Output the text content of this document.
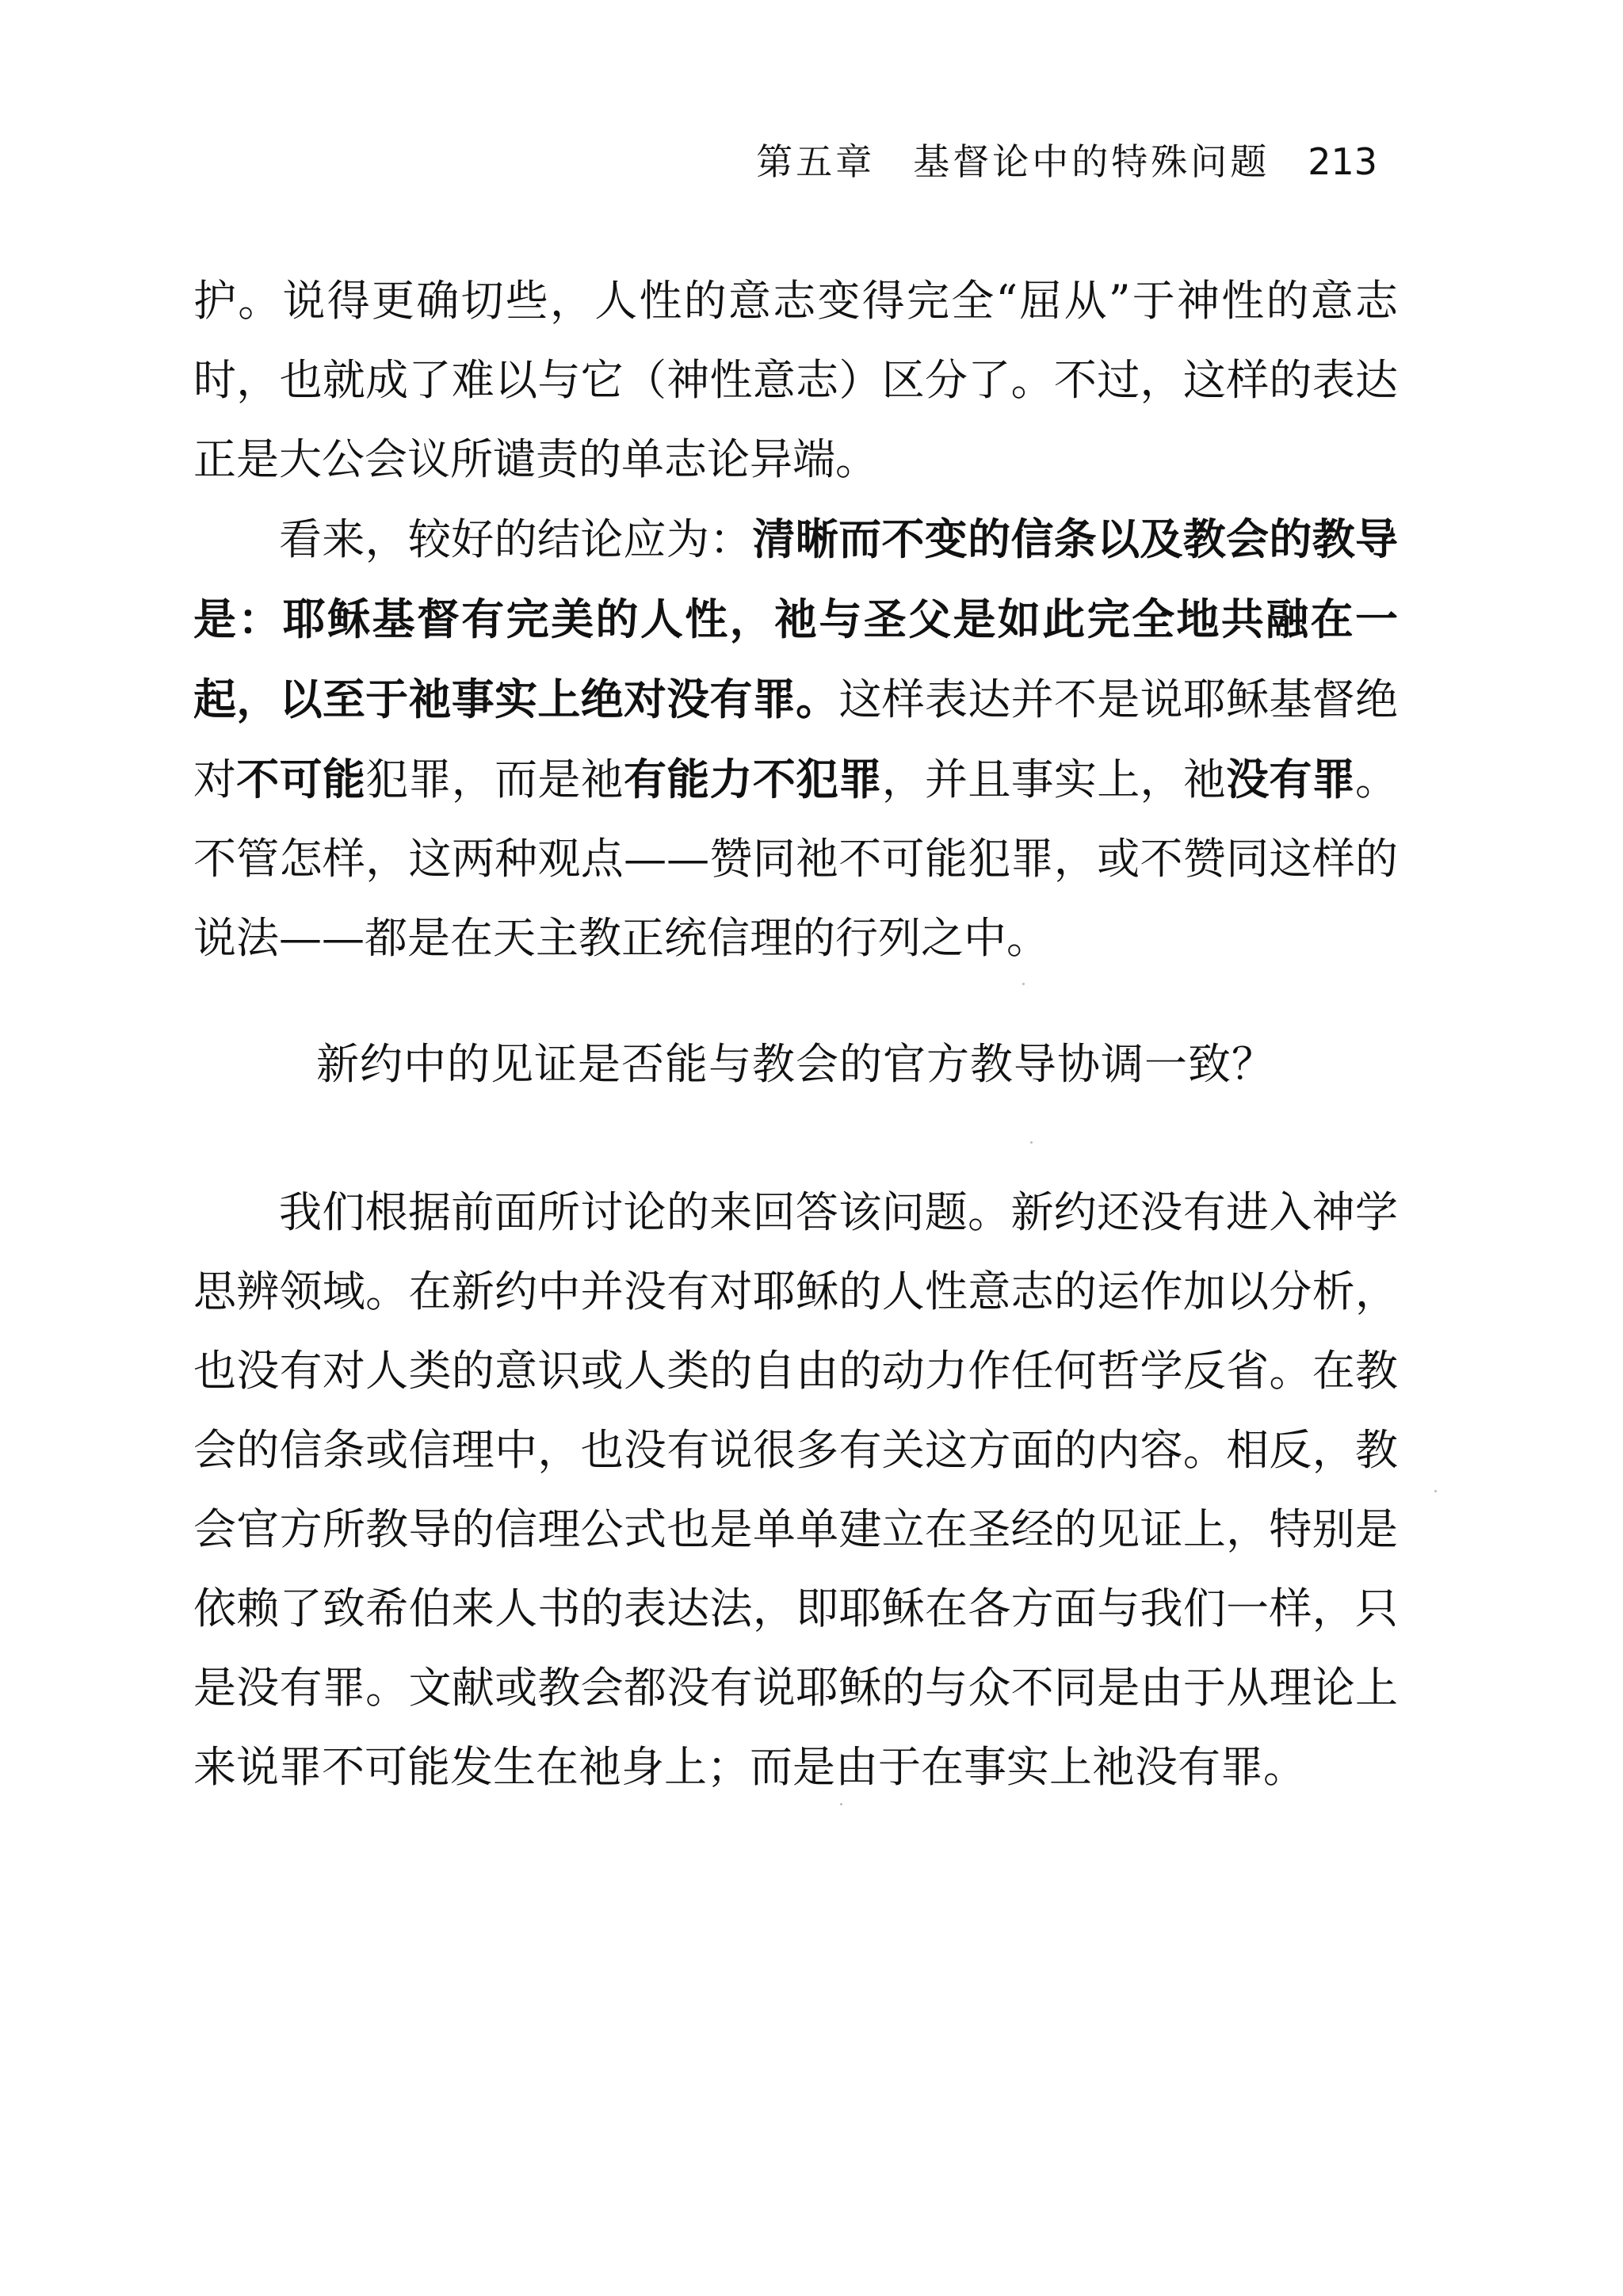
第五章 基督论中的特殊问题 213

护。说得更确切些，人性的意志变得完全“屈从”于神性的意志时，也就成了难以与它（神性意志）区分了。不过，这样的表达正是大公会议所谴责的单志论异端。

看来，较好的结论应为：清晰而不变的信条以及教会的教导是：耶稣基督有完美的人性，祂与圣父是如此完全地共融在一起，以至于祂事实上绝对没有罪。这样表达并不是说耶稣基督绝对不可能犯罪，而是祂有能力不犯罪，并且事实上，祂没有罪。不管怎样，这两种观点——赞同祂不可能犯罪，或不赞同这样的说法——都是在天主教正统信理的行列之中。

新约中的见证是否能与教会的官方教导协调一致？

我们根据前面所讨论的来回答该问题。新约还没有进入神学思辨领域。在新约中并没有对耶稣的人性意志的运作加以分析，也没有对人类的意识或人类的自由的动力作任何哲学反省。在教会的信条或信理中，也没有说很多有关这方面的内容。相反，教会官方所教导的信理公式也是单单建立在圣经的见证上，特别是依赖了致希伯来人书的表达法，即耶稣在各方面与我们一样，只是没有罪。文献或教会都没有说耶稣的与众不同是由于从理论上来说罪不可能发生在祂身上；而是由于在事实上祂没有罪。
